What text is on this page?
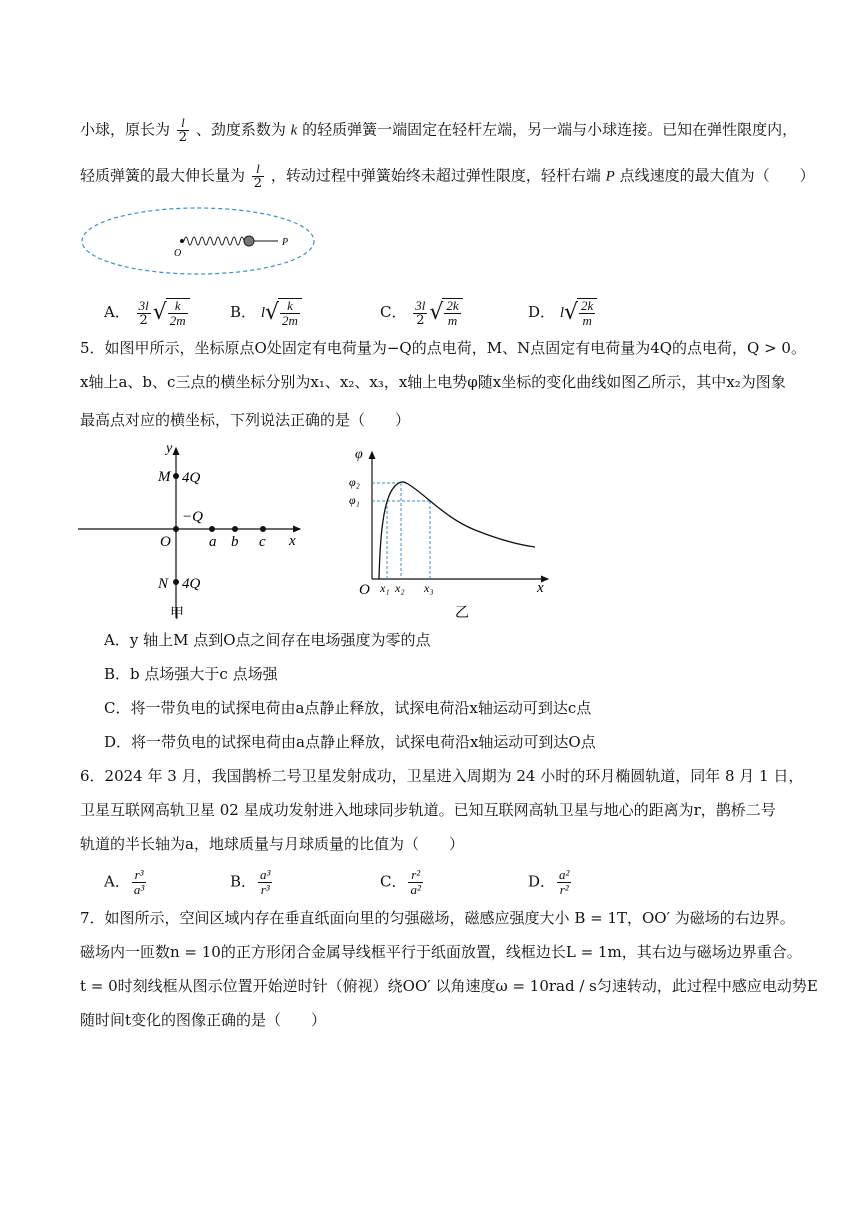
小球，原长为 $\frac{l}{2}$ 、劲度系数为 k 的轻质弹簧一端固定在轻杆左端，另一端与小球连接。已知在弹性限度内，
轻质弹簧的最大伸长量为 $\frac{l}{2}$ ，转动过程中弹簧始终未超过弹性限度，轻杆右端 P 点线速度的最大值为（　　）
O
P
A． $\frac{3l}{2}$ √ $\frac{k}{2m}$	B． $l√ \frac{k}{2m}$	C． $\frac{3l}{2}$ √ $\frac{2k}{m}$	D． $l√ \frac{2k}{m}$
5．如图甲所示，坐标原点O处固定有电荷量为−Q的点电荷，M、N点固定有电荷量为4Q的点电荷，Q > 0。
x轴上a、b、c三点的横坐标分别为x₁、x₂、x₃，x轴上电势φ随x坐标的变化曲线如图乙所示，其中x₂为图象
最高点对应的横坐标，下列说法正确的是（　　）
y
M 4Q
−Q
O	a b c x
N 4Q
甲
φ
φ₂
φ₁
O x₁ x₂ x₃	x
乙
A．y 轴上M 点到O点之间存在电场强度为零的点
B．b 点场强大于c 点场强
C．将一带负电的试探电荷由a点静止释放，试探电荷沿x轴运动可到达c点
D．将一带负电的试探电荷由a点静止释放，试探电荷沿x轴运动可到达O点
6．2024 年 3 月，我国鹊桥二号卫星发射成功，卫星进入周期为 24 小时的环月椭圆轨道，同年 8 月 1 日，
卫星互联网高轨卫星 02 星成功发射进入地球同步轨道。已知互联网高轨卫星与地心的距离为r，鹊桥二号
轨道的半长轴为a，地球质量与月球质量的比值为（　　）
A． $\frac{\text{r³}}{\text{a³}}$	B． $\frac{\text{a³}}{\text{r³}}$	C． $\frac{\text{r²}}{\text{a²}}$	D． $\frac{\text{a²}}{\text{r²}}$
7．如图所示，空间区域内存在垂直纸面向里的匀强磁场，磁感应强度大小 B = 1T，OO′ 为磁场的右边界。
磁场内一匝数n = 10的正方形闭合金属导线框平行于纸面放置，线框边长L = 1m，其右边与磁场边界重合。
t = 0时刻线框从图示位置开始逆时针（俯视）绕OO′ 以角速度ω = 10rad / s匀速转动，此过程中感应电动势E
随时间t变化的图像正确的是（　　）
